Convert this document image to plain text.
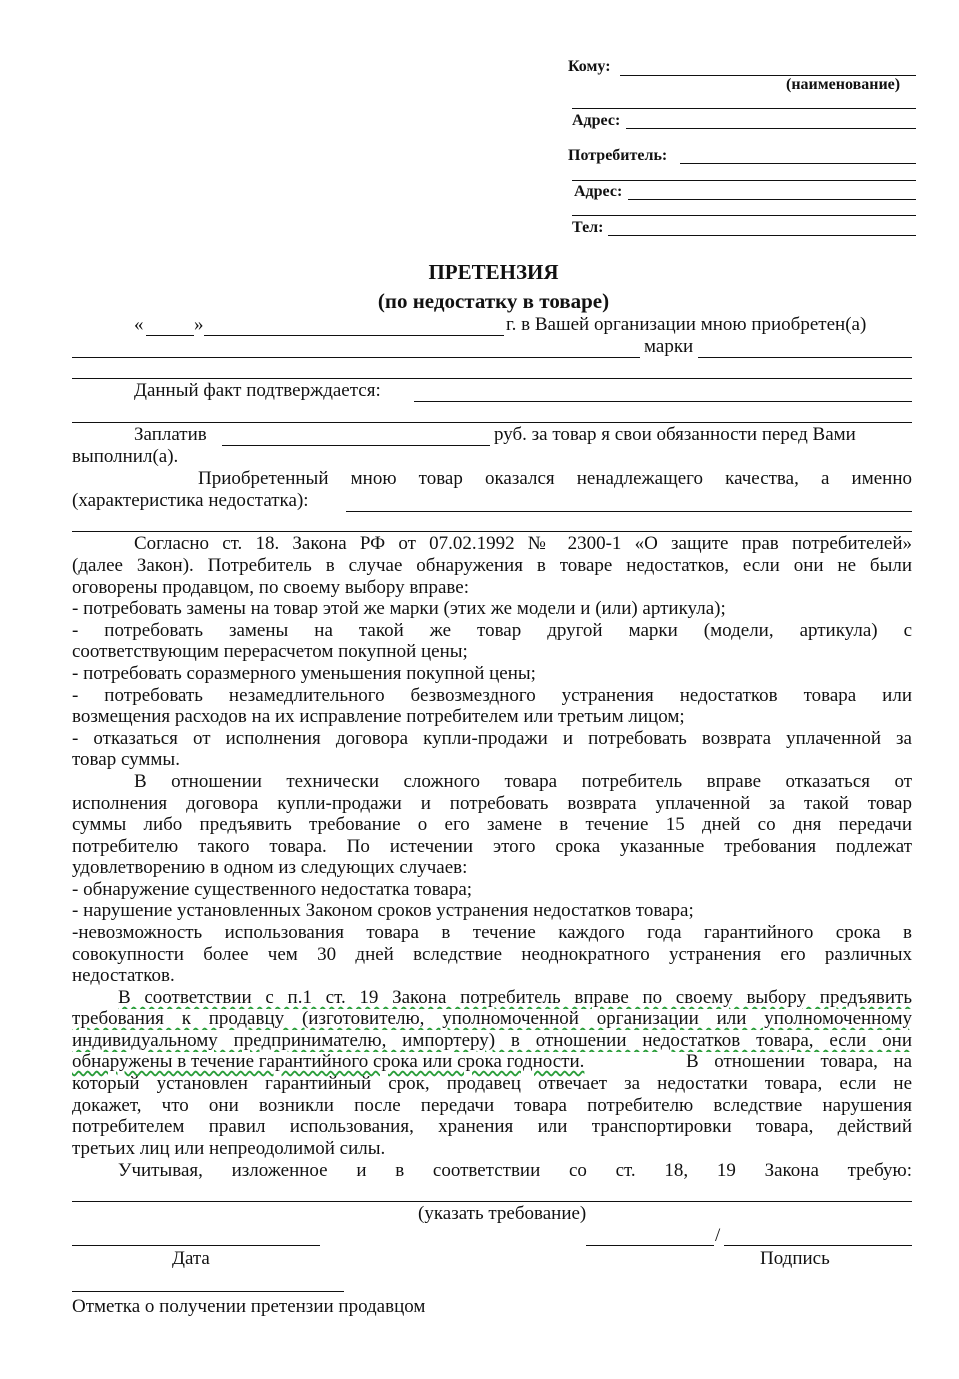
Кому:
(наименование)
Адрес:
Потребитель:
Адрес:
Тел:
ПРЕТЕНЗИЯ
(по недостатку в товаре)
«	»	г. в Вашей организации мною приобретен(а)
марки
Данный факт подтверждается:
Заплатив	руб. за товар я свои обязанности перед Вами
выполнил(а).
Приобретенный мною товар оказался ненадлежащего качества, а именно
(характеристика недостатка):
Согласно ст. 18. Закона РФ от 07.02.1992 № 2300-1 «О защите прав потребителей»
(далее Закон). Потребитель в случае обнаружения в товаре недостатков, если они не были
оговорены продавцом, по своему выбору вправе:
- потребовать замены на товар этой же марки (этих же модели и (или) артикула);
- потребовать замены на такой же товар другой марки (модели, артикула) с
соответствующим перерасчетом покупной цены;
- потребовать соразмерного уменьшения покупной цены;
- потребовать незамедлительного безвозмездного устранения недостатков товара или
возмещения расходов на их исправление потребителем или третьим лицом;
- отказаться от исполнения договора купли-продажи и потребовать возврата уплаченной за
товар суммы.
В отношении технически сложного товара потребитель вправе отказаться от
исполнения договора купли-продажи и потребовать возврата уплаченной за такой товар
суммы либо предъявить требование о его замене в течение 15 дней со дня передачи
потребителю такого товара. По истечении этого срока указанные требования подлежат
удовлетворению в одном из следующих случаев:
- обнаружение существенного недостатка товара;
- нарушение установленных Законом сроков устранения недостатков товара;
-невозможность использования товара в течение каждого года гарантийного срока в
совокупности более чем 30 дней вследствие неоднократного устранения его различных
недостатков.
В соответствии с п.1 ст. 19 Закона потребитель вправе по своему выбору предъявить
требования к продавцу (изготовителю, уполномоченной организации или уполномоченному
индивидуальному предпринимателю, импортеру) в отношении недостатков товара, если они
обнаружены в течение гарантийного срока или срока годности.	В отношении товара, на
который установлен гарантийный срок, продавец отвечает за недостатки товара, если не
докажет, что они возникли после передачи товара потребителю вследствие нарушения
потребителем правил использования, хранения или транспортировки товара, действий
третьих лиц или непреодолимой силы.
Учитывая, изложенное и в соответствии со ст. 18, 19 Закона требую:
(указать требование)
/
Дата	Подпись
Отметка о получении претензии продавцом
